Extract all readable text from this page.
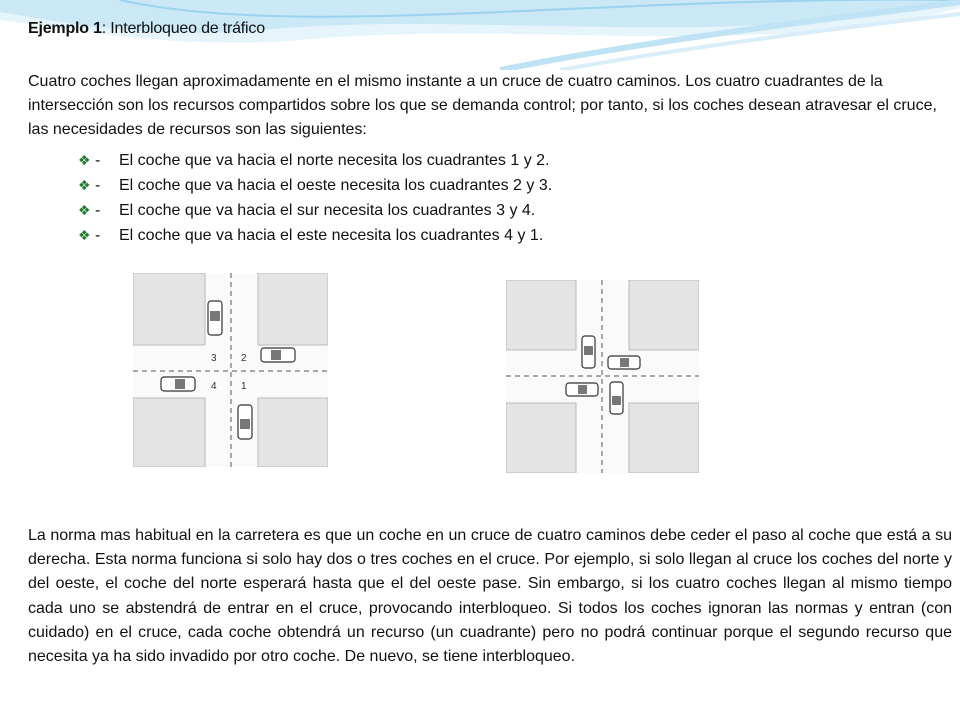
Ejemplo 1: Interbloqueo de tráfico
Cuatro coches llegan aproximadamente en el mismo instante a un cruce de cuatro caminos. Los cuatro cuadrantes de la intersección son los recursos compartidos sobre los que se demanda control; por tanto, si los coches desean atravesar el cruce, las necesidades de recursos son las siguientes:
❖ -	El coche que va hacia el norte necesita los cuadrantes 1 y 2.
❖ -	El coche que va hacia el oeste necesita los cuadrantes 2 y 3.
❖ -	El coche que va hacia el sur necesita los cuadrantes 3 y 4.
❖ -	El coche que va hacia el este necesita los cuadrantes 4 y 1.
3 2
4 1
La norma mas habitual en la carretera es que un coche en un cruce de cuatro caminos debe ceder el paso al coche que está a su derecha. Esta norma funciona si solo hay dos o tres coches en el cruce. Por ejemplo, si solo llegan al cruce los coches del norte y del oeste, el coche del norte esperará hasta que el del oeste pase. Sin embargo, si los cuatro coches llegan al mismo tiempo cada uno se abstendrá de entrar en el cruce, provocando interbloqueo. Si todos los coches ignoran las normas y entran (con cuidado) en el cruce, cada coche obtendrá un recurso (un cuadrante) pero no podrá continuar porque el segundo recurso que necesita ya ha sido invadido por otro coche. De nuevo, se tiene interbloqueo.
